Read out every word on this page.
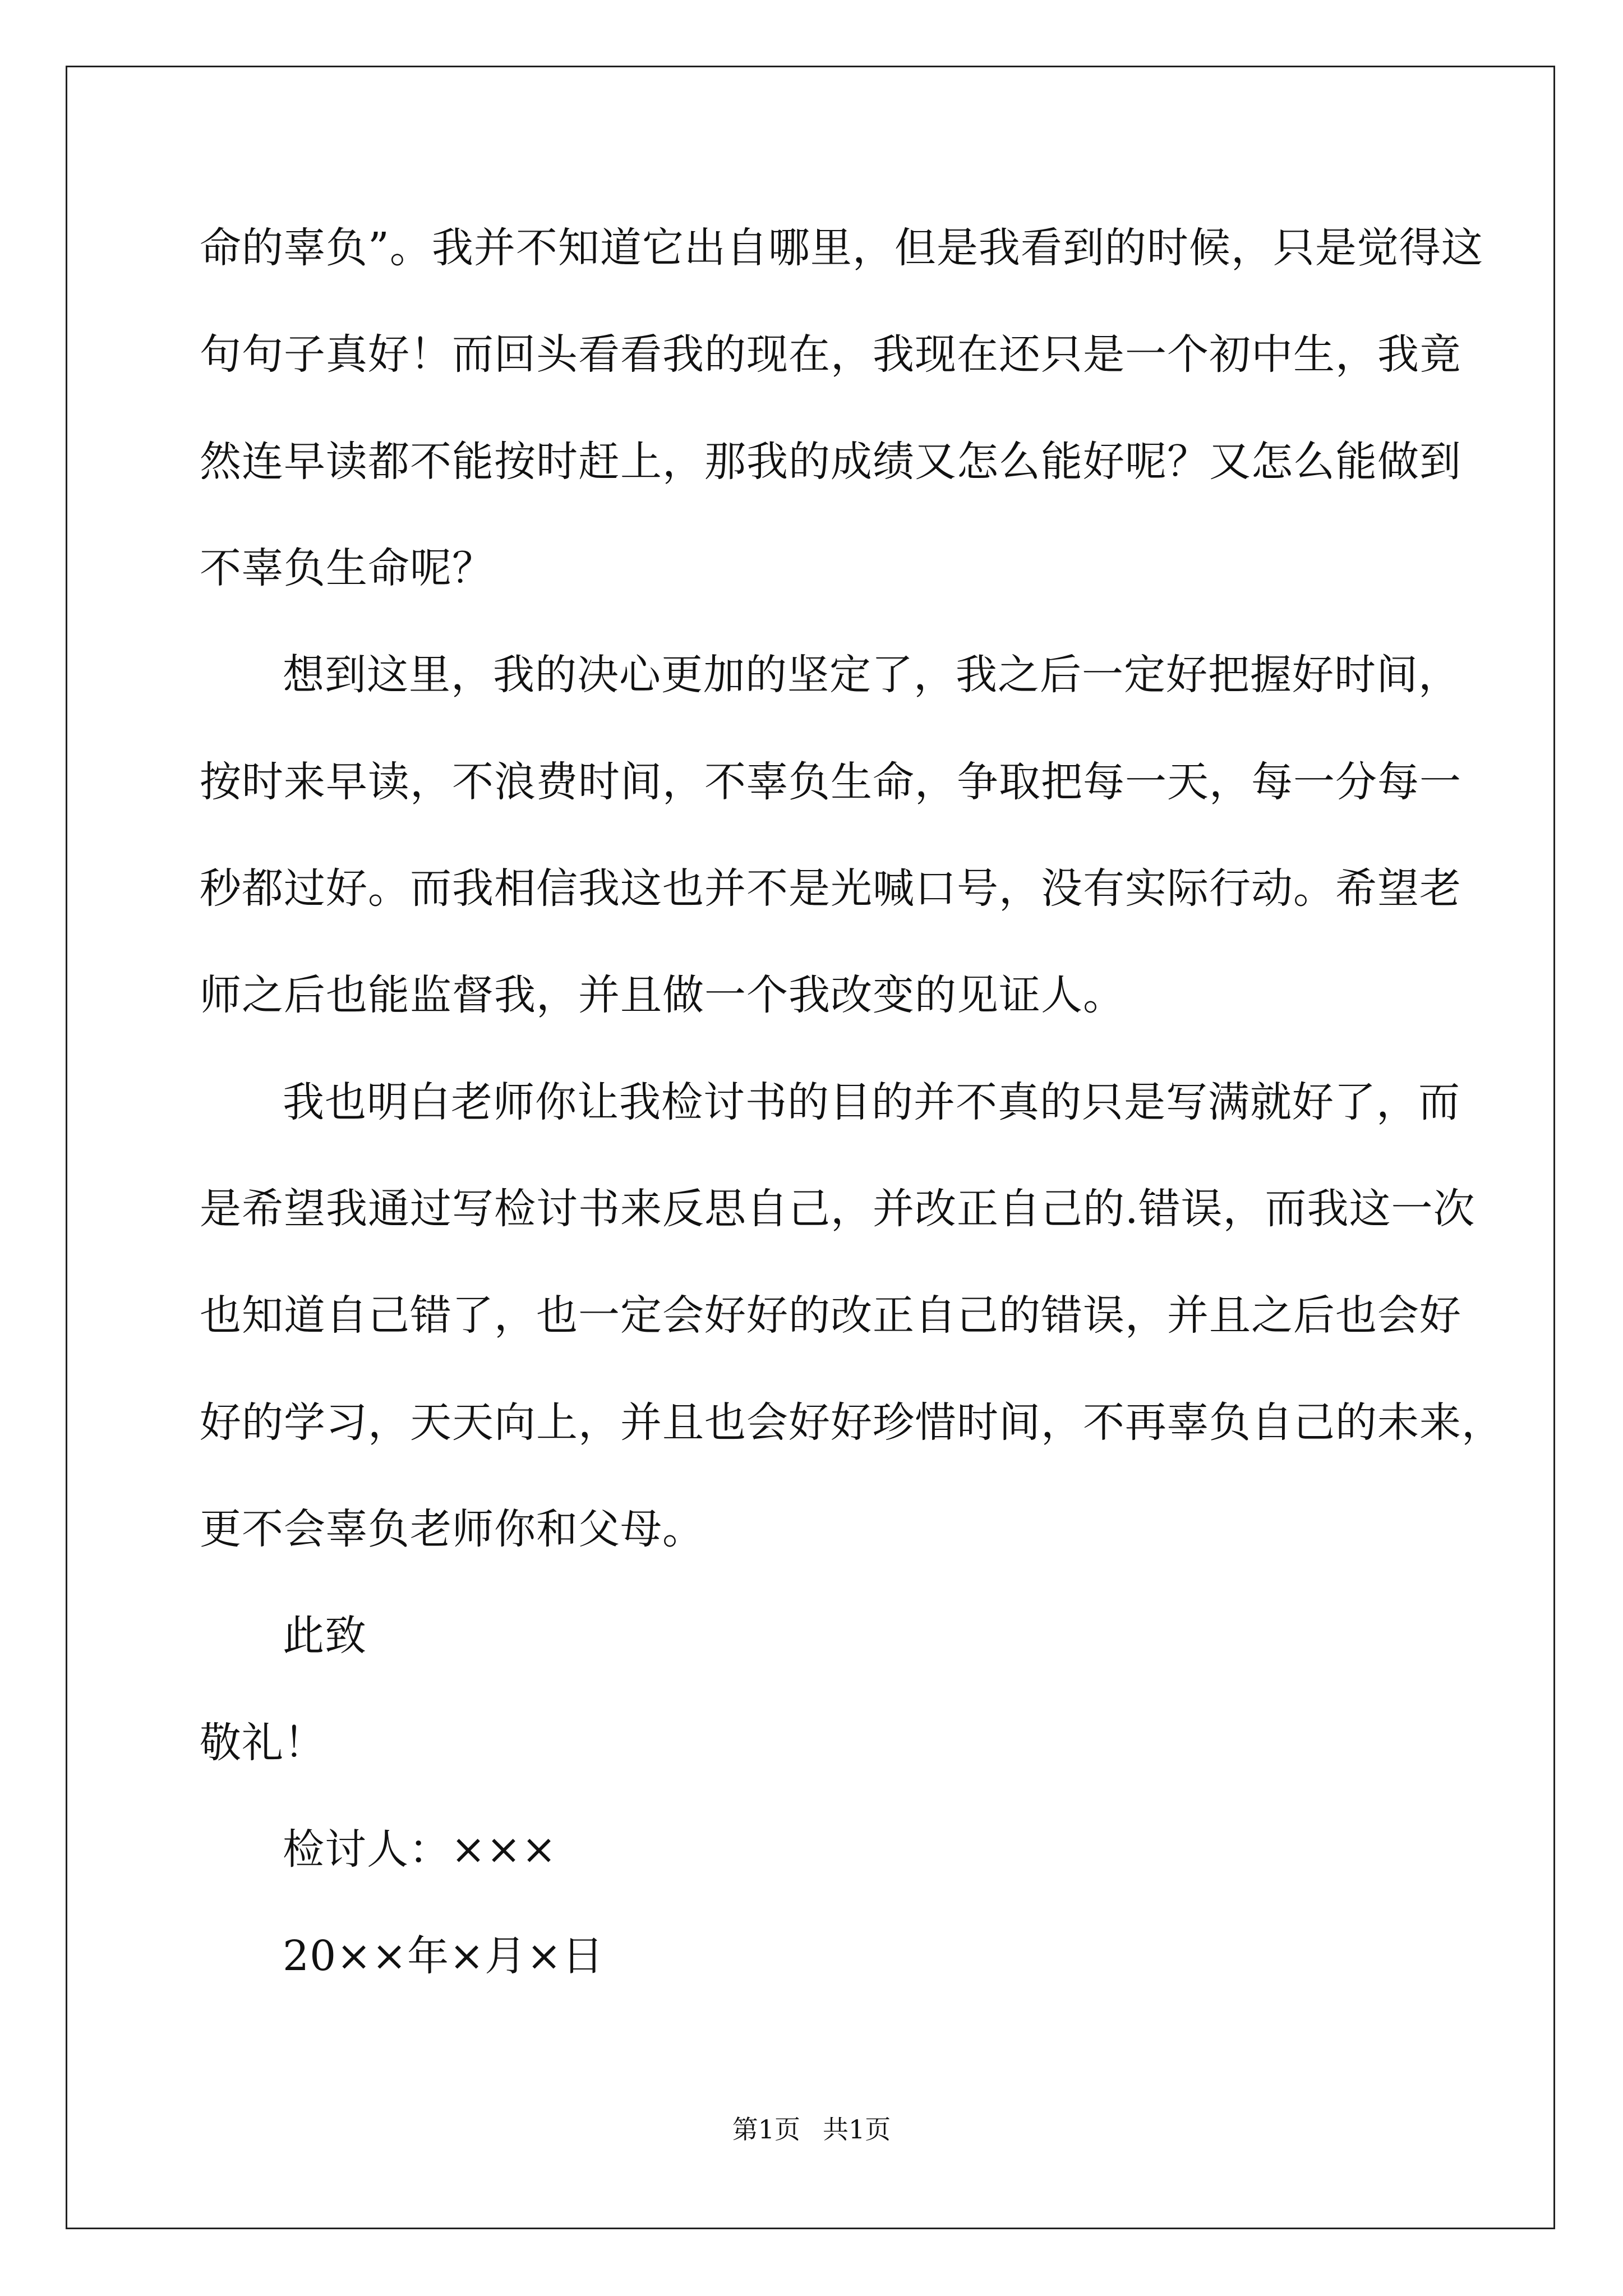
命的辜负”。我并不知道它出自哪里，但是我看到的时候，只是觉得这
句句子真好！而回头看看我的现在，我现在还只是一个初中生，我竟
然连早读都不能按时赶上，那我的成绩又怎么能好呢？又怎么能做到
不辜负生命呢？
想到这里，我的决心更加的坚定了，我之后一定好把握好时间，
按时来早读，不浪费时间，不辜负生命，争取把每一天，每一分每一
秒都过好。而我相信我这也并不是光喊口号，没有实际行动。希望老
师之后也能监督我，并且做一个我改变的见证人。
我也明白老师你让我检讨书的目的并不真的只是写满就好了，而
是希望我通过写检讨书来反思自己，并改正自己的.错误，而我这一次
也知道自己错了，也一定会好好的改正自己的错误，并且之后也会好
好的学习，天天向上，并且也会好好珍惜时间，不再辜负自己的未来，
更不会辜负老师你和父母。
此致
敬礼！
检讨人：×××
20××年×月×日
第1页 共1页
